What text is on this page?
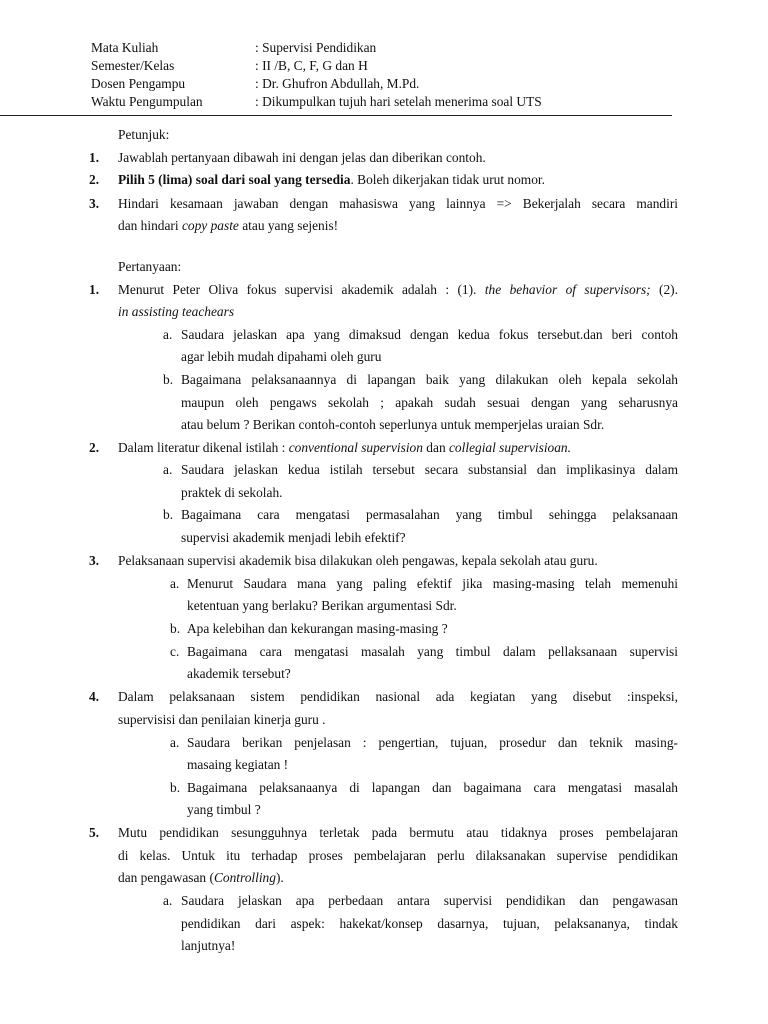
Mata Kuliah	: Supervisi Pendidikan
Semester/Kelas	: II /B, C, F, G dan H
Dosen Pengampu	: Dr. Ghufron Abdullah, M.Pd.
Waktu Pengumpulan	: Dikumpulkan tujuh hari setelah menerima soal UTS
Petunjuk:
1. Jawablah pertanyaan dibawah ini dengan jelas dan diberikan contoh.
2. Pilih 5 (lima) soal dari soal yang tersedia. Boleh dikerjakan tidak urut nomor.
3. Hindari kesamaan jawaban dengan mahasiswa yang lainnya => Bekerjalah secara mandiri
dan hindari copy paste atau yang sejenis!
Pertanyaan:
1. Menurut Peter Oliva fokus supervisi akademik adalah : (1). the behavior of supervisors; (2).
in assisting teachears
a. Saudara jelaskan apa yang dimaksud dengan kedua fokus tersebut.dan beri contoh
agar lebih mudah dipahami oleh guru
b. Bagaimana pelaksanaannya di lapangan baik yang dilakukan oleh kepala sekolah
maupun oleh pengaws sekolah ; apakah sudah sesuai dengan yang seharusnya
atau belum ? Berikan contoh-contoh seperlunya untuk memperjelas uraian Sdr.
2. Dalam literatur dikenal istilah : conventional supervision dan collegial supervisioan.
a. Saudara jelaskan kedua istilah tersebut secara substansial dan implikasinya dalam
praktek di sekolah.
b. Bagaimana cara mengatasi permasalahan yang timbul sehingga pelaksanaan
supervisi akademik menjadi lebih efektif?
3. Pelaksanaan supervisi akademik bisa dilakukan oleh pengawas, kepala sekolah atau guru.
a. Menurut Saudara mana yang paling efektif jika masing-masing telah memenuhi
ketentuan yang berlaku? Berikan argumentasi Sdr.
b. Apa kelebihan dan kekurangan masing-masing ?
c. Bagaimana cara mengatasi masalah yang timbul dalam pellaksanaan supervisi
akademik tersebut?
4. Dalam pelaksanaan sistem pendidikan nasional ada kegiatan yang disebut :inspeksi,
supervisisi dan penilaian kinerja guru .
a. Saudara berikan penjelasan : pengertian, tujuan, prosedur dan teknik masing-
masaing kegiatan !
b. Bagaimana pelaksanaanya di lapangan dan bagaimana cara mengatasi masalah
yang timbul ?
5. Mutu pendidikan sesungguhnya terletak pada bermutu atau tidaknya proses pembelajaran
di kelas. Untuk itu terhadap proses pembelajaran perlu dilaksanakan supervise pendidikan
dan pengawasan (Controlling).
a. Saudara jelaskan apa perbedaan antara supervisi pendidikan dan pengawasan
pendidikan dari aspek: hakekat/konsep dasarnya, tujuan, pelaksananya, tindak
lanjutnya!
